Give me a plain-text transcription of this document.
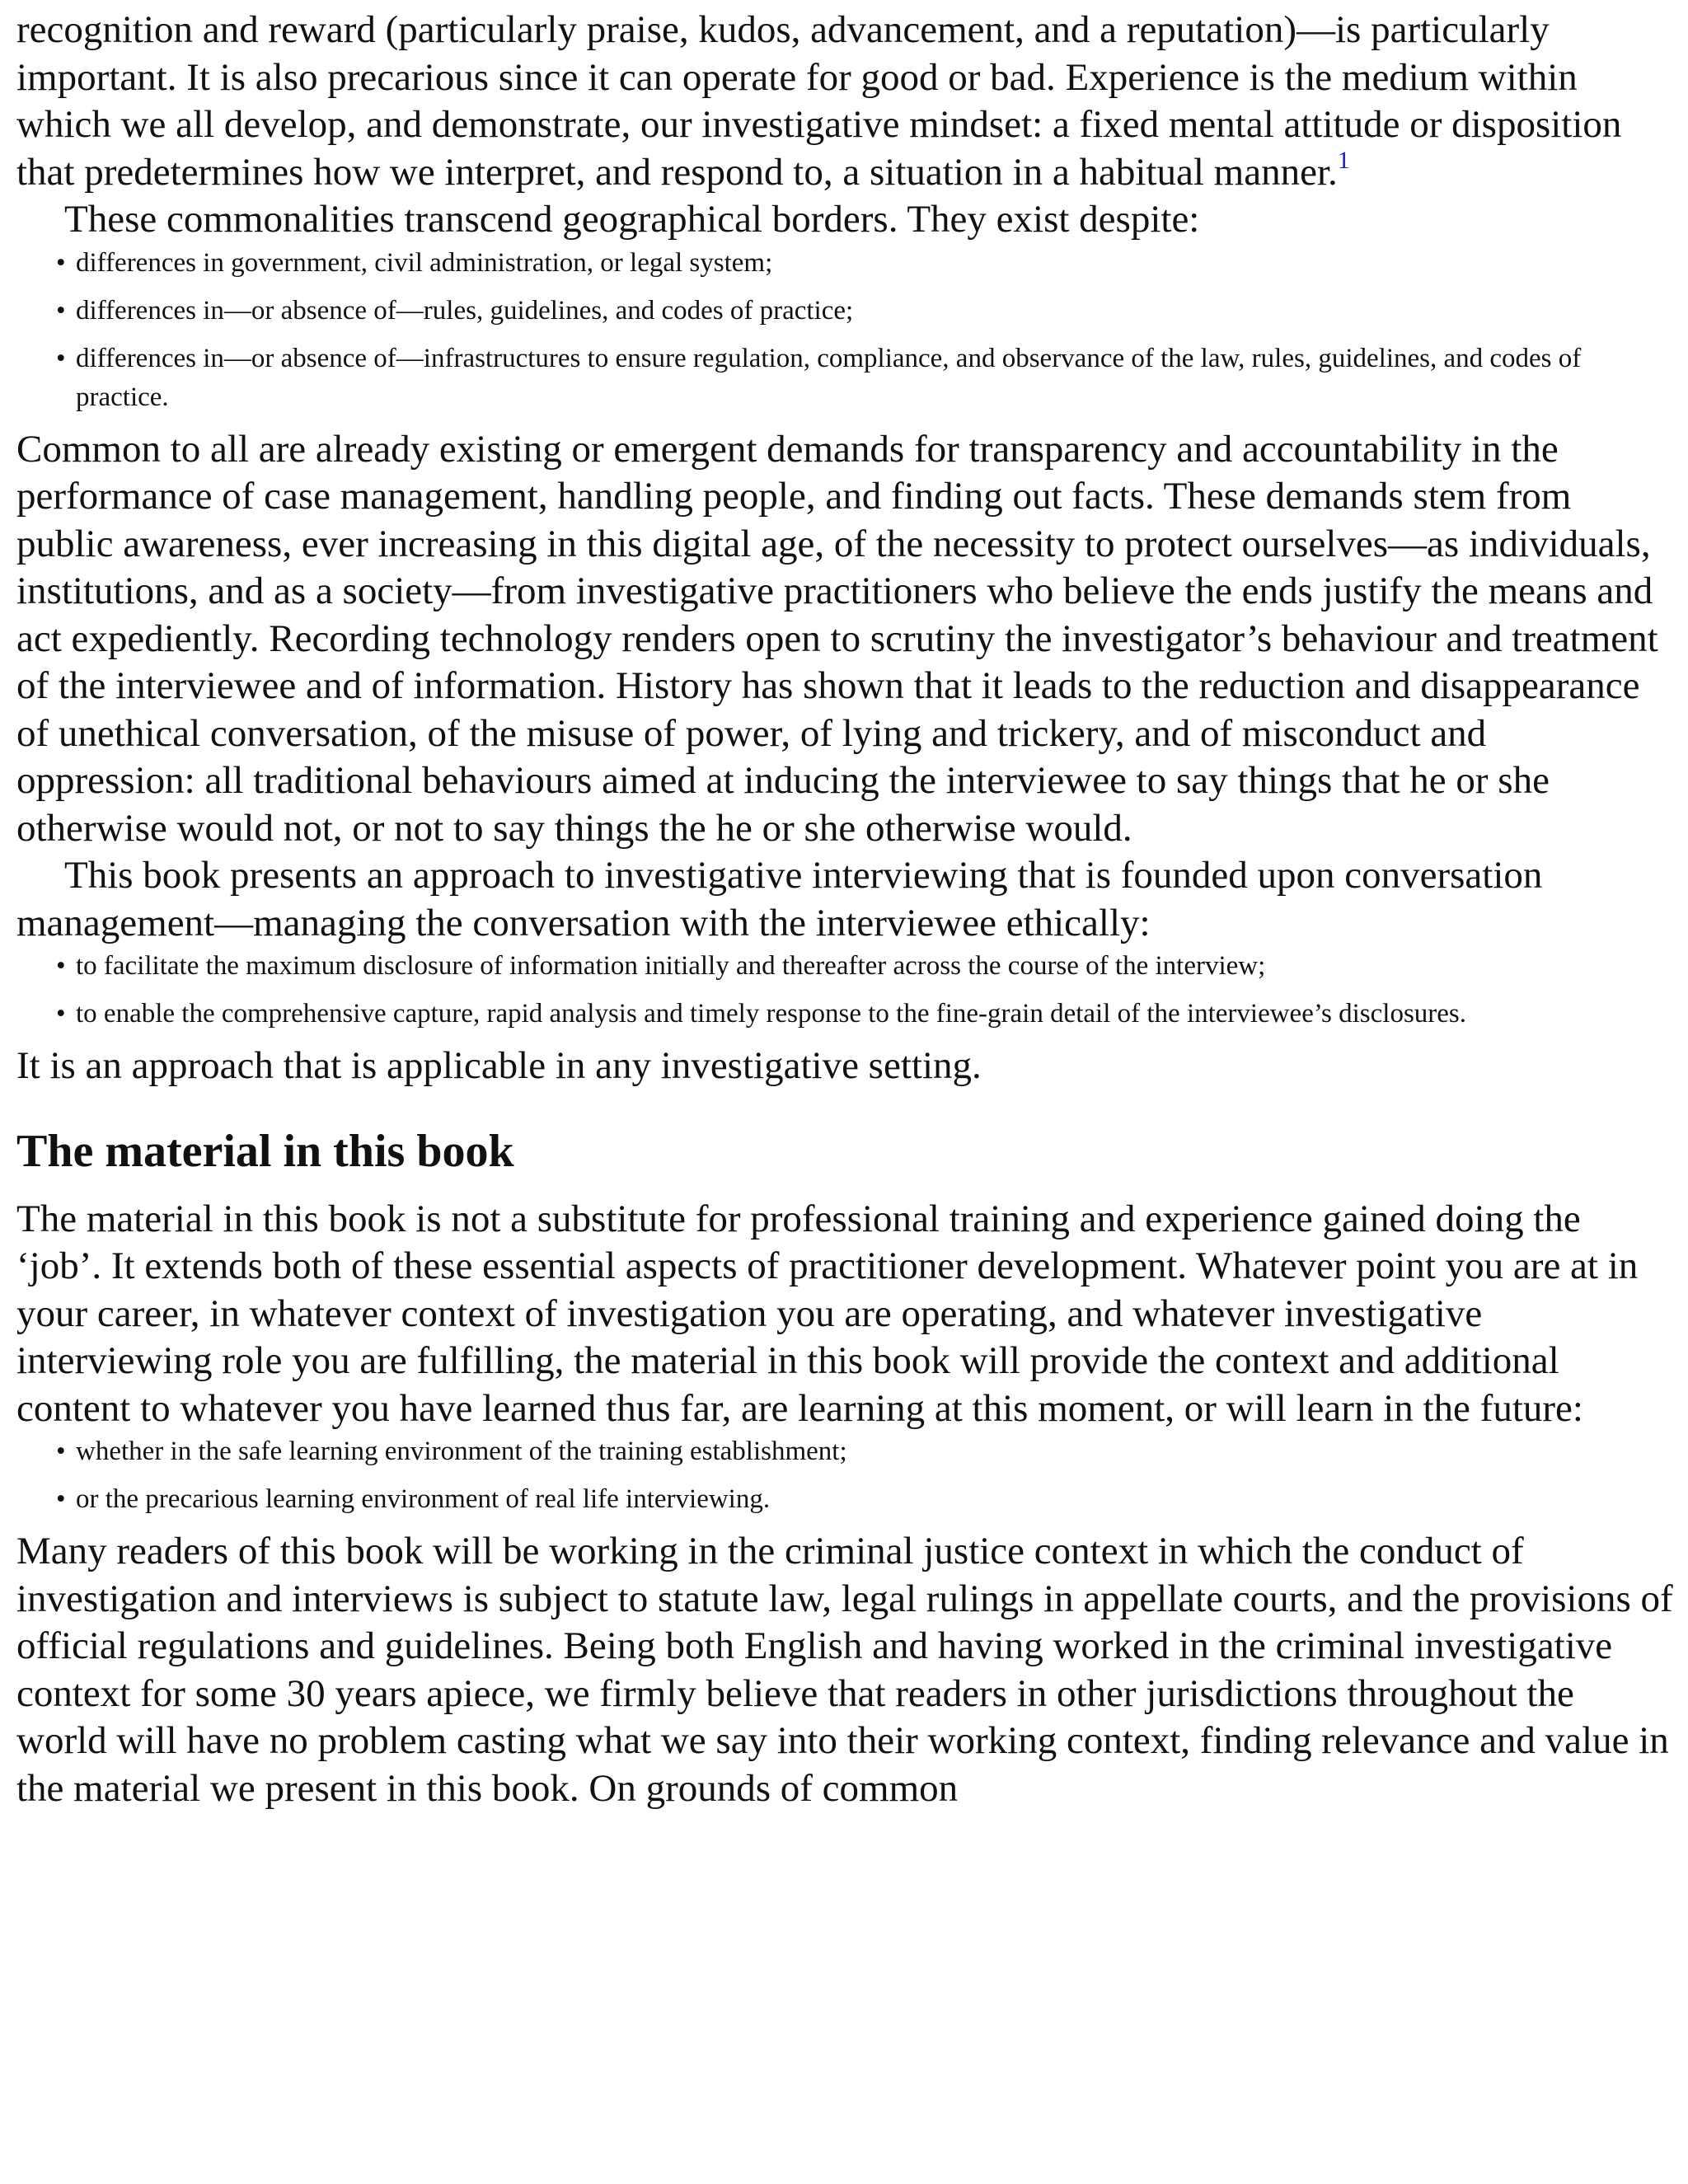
recognition and reward (particularly praise, kudos, advancement, and a reputation)—is particularly important. It is also precarious since it can operate for good or bad. Experience is the medium within which we all develop, and demonstrate, our investigative mindset: a fixed mental attitude or disposition that predetermines how we interpret, and respond to, a situation in a habitual manner.$^1$

These commonalities transcend geographical borders. They exist despite:

• differences in government, civil administration, or legal system;
• differences in—or absence of—rules, guidelines, and codes of practice;
• differences in—or absence of—infrastructures to ensure regulation, compliance, and observance of the law, rules, guidelines, and codes of practice.

Common to all are already existing or emergent demands for transparency and accountability in the performance of case management, handling people, and finding out facts. These demands stem from public awareness, ever increasing in this digital age, of the necessity to protect ourselves—as individuals, institutions, and as a society—from investigative practitioners who believe the ends justify the means and act expediently. Recording technology renders open to scrutiny the investigator’s behaviour and treatment of the interviewee and of information. History has shown that it leads to the reduction and disappearance of unethical conversation, of the misuse of power, of lying and trickery, and of misconduct and oppression: all traditional behaviours aimed at inducing the interviewee to say things that he or she otherwise would not, or not to say things the he or she otherwise would.

This book presents an approach to investigative interviewing that is founded upon conversation management—managing the conversation with the interviewee ethically:

• to facilitate the maximum disclosure of information initially and thereafter across the course of the interview;
• to enable the comprehensive capture, rapid analysis and timely response to the fine-grain detail of the interviewee’s disclosures.

It is an approach that is applicable in any investigative setting.

The material in this book

The material in this book is not a substitute for professional training and experience gained doing the ‘job’. It extends both of these essential aspects of practitioner development. Whatever point you are at in your career, in whatever context of investigation you are operating, and whatever investigative interviewing role you are fulfilling, the material in this book will provide the context and additional content to whatever you have learned thus far, are learning at this moment, or will learn in the future:

• whether in the safe learning environment of the training establishment;
• or the precarious learning environment of real life interviewing.

Many readers of this book will be working in the criminal justice context in which the conduct of investigation and interviews is subject to statute law, legal rulings in appellate courts, and the provisions of official regulations and guidelines. Being both English and having worked in the criminal investigative context for some 30 years apiece, we firmly believe that readers in other jurisdictions throughout the world will have no problem casting what we say into their working context, finding relevance and value in the material we present in this book. On grounds of common
